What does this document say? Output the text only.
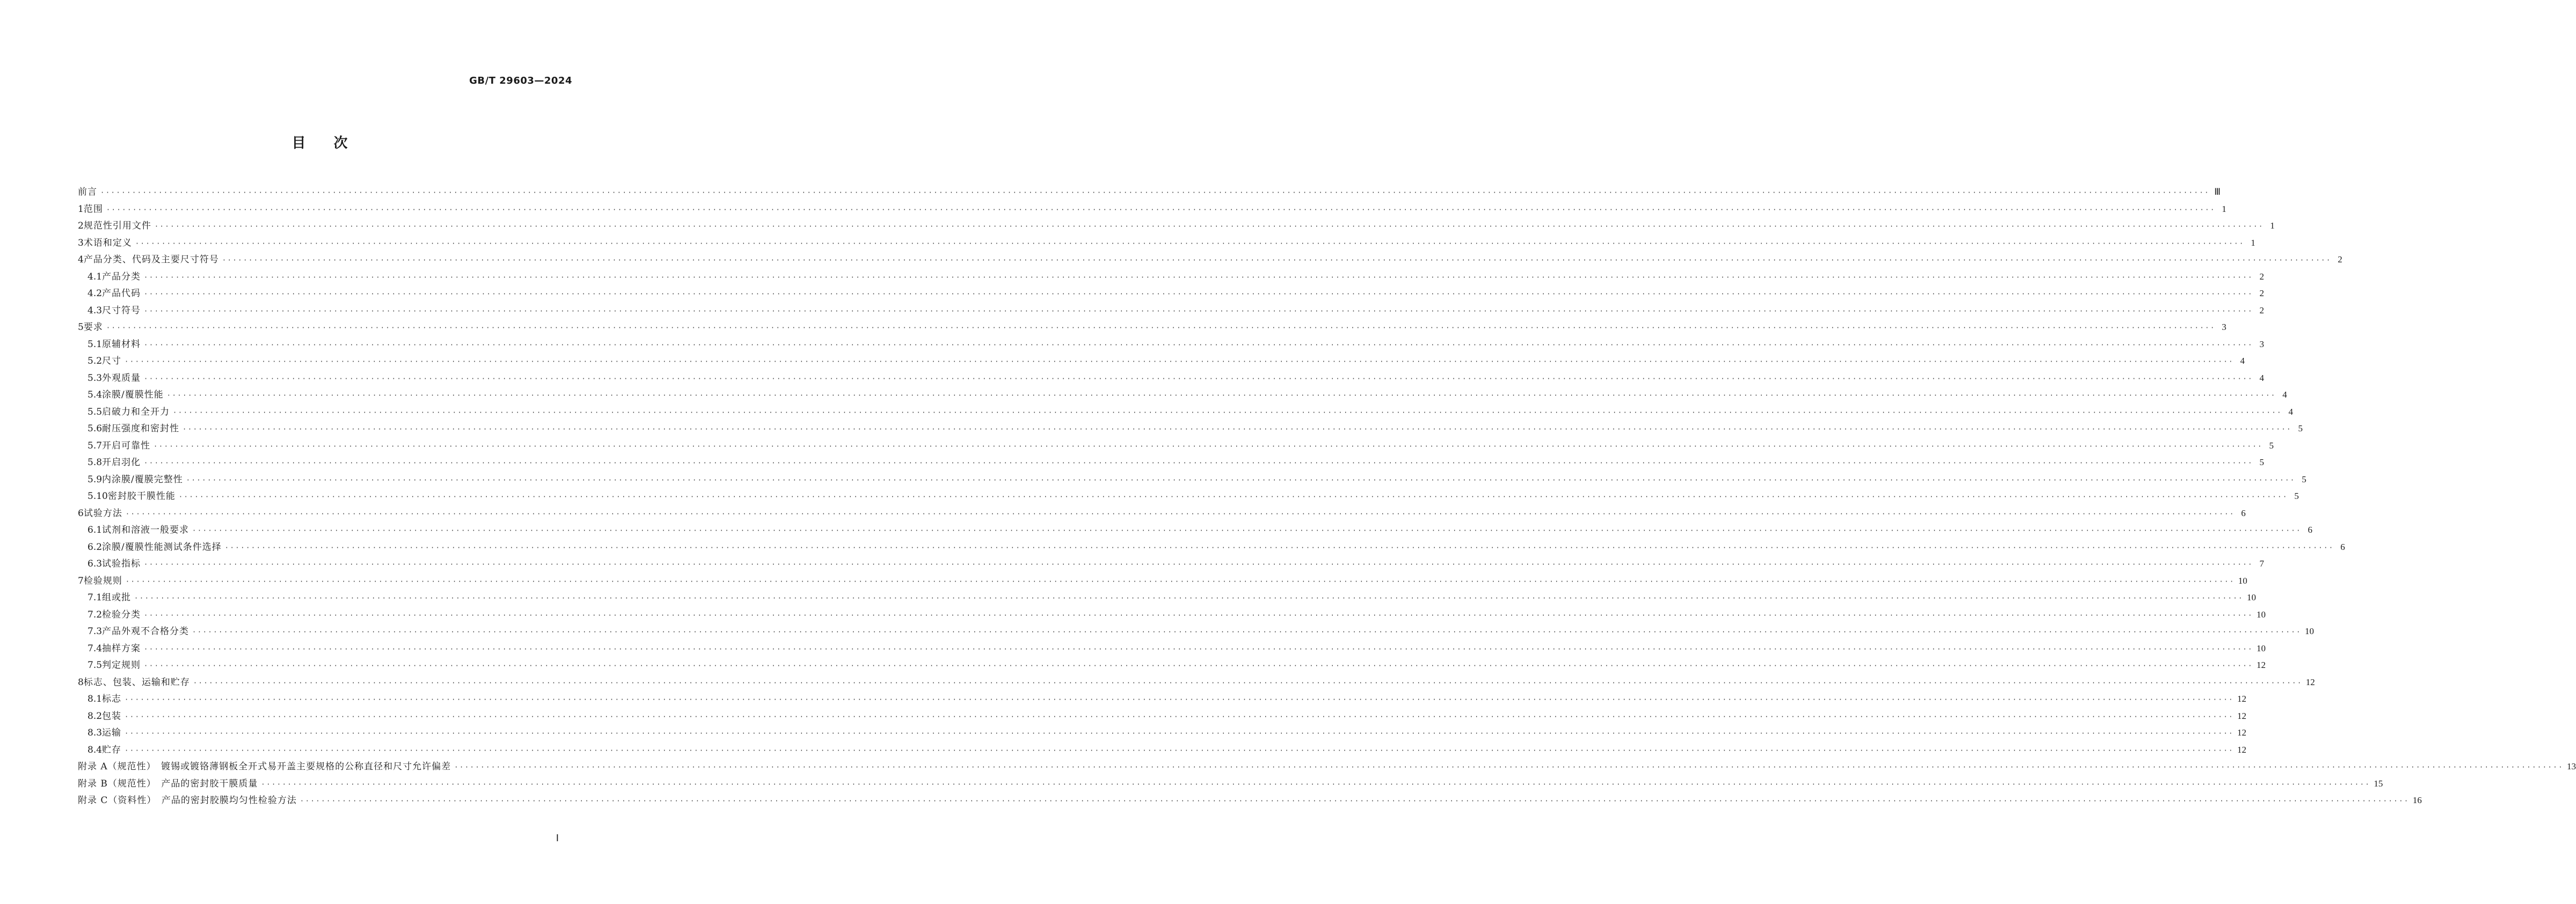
GB/T 29603—2024
目　　次
前言 ················································································································································································································································································································································································································ Ⅲ
1 范围 ················································································································································································································································································································································································································ 1
2 规范性引用文件 ················································································································································································································································································································································································································ 1
3 术语和定义 ················································································································································································································································································································································································································ 1
4 产品分类、代码及主要尺寸符号 ················································································································································································································································································································································································································ 2
4.1 产品分类 ················································································································································································································································································································································································································ 2
4.2 产品代码 ················································································································································································································································································································································································································ 2
4.3 尺寸符号 ················································································································································································································································································································································································································ 2
5 要求 ················································································································································································································································································································································································································ 3
5.1 原辅材料 ················································································································································································································································································································································································································ 3
5.2 尺寸 ················································································································································································································································································································································································································ 4
5.3 外观质量 ················································································································································································································································································································································································································ 4
5.4 涂膜/覆膜性能 ················································································································································································································································································································································································································ 4
5.5 启破力和全开力 ················································································································································································································································································································································································································ 4
5.6 耐压强度和密封性 ················································································································································································································································································································································································································ 5
5.7 开启可靠性 ················································································································································································································································································································································································································ 5
5.8 开启羽化 ················································································································································································································································································································································································································ 5
5.9 内涂膜/覆膜完整性 ················································································································································································································································································································································································································ 5
5.10 密封胶干膜性能 ················································································································································································································································································································································································································ 5
6 试验方法 ················································································································································································································································································································································································································ 6
6.1 试剂和溶液一般要求 ················································································································································································································································································································································································································ 6
6.2 涂膜/覆膜性能测试条件选择 ················································································································································································································································································································································································································ 6
6.3 试验指标 ················································································································································································································································································································································································································ 7
7 检验规则 ················································································································································································································································································································································································································ 10
7.1 组或批 ················································································································································································································································································································································································································ 10
7.2 检验分类 ················································································································································································································································································································································································································ 10
7.3 产品外观不合格分类 ················································································································································································································································································································································································································ 10
7.4 抽样方案 ················································································································································································································································································································································································································ 10
7.5 判定规则 ················································································································································································································································································································································································································ 12
8 标志、包装、运输和贮存 ················································································································································································································································································································································································································ 12
8.1 标志 ················································································································································································································································································································································································································ 12
8.2 包装 ················································································································································································································································································································································································································ 12
8.3 运输 ················································································································································································································································································································································································································ 12
8.4 贮存 ················································································································································································································································································································································································································ 12
附录 A（规范性）　镀锡或镀铬薄钢板全开式易开盖主要规格的公称直径和尺寸允许偏差 ················································································································································································································································································································································································································ 13
附录 B（规范性）　产品的密封胶干膜质量 ················································································································································································································································································································································································································ 15
附录 C（资料性）　产品的密封胶膜均匀性检验方法 ················································································································································································································································································································································································································ 16
Ⅰ
